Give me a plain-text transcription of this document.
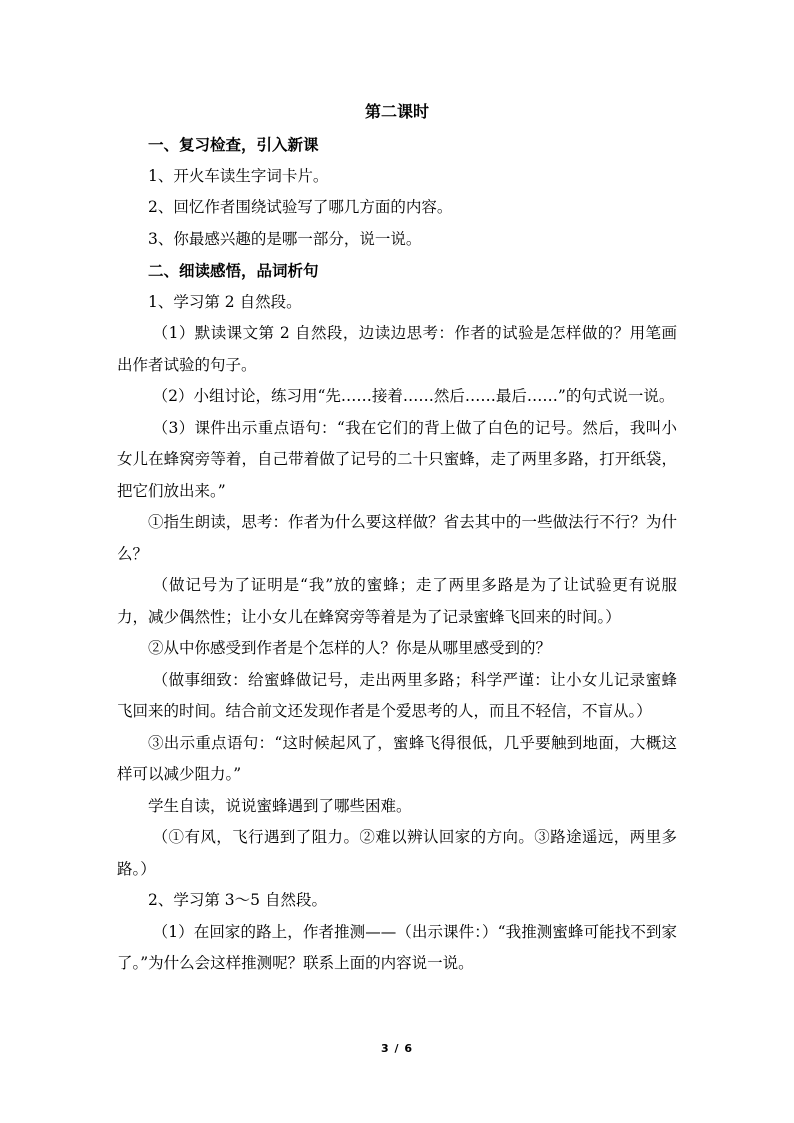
第二课时

一、复习检查，引入新课

1、开火车读生字词卡片。

2、回忆作者围绕试验写了哪几方面的内容。

3、你最感兴趣的是哪一部分，说一说。

二、细读感悟，品词析句

1、学习第 2 自然段。

（1）默读课文第 2 自然段，边读边思考：作者的试验是怎样做的？用笔画出作者试验的句子。

（2）小组讨论，练习用“先……接着……然后……最后……”的句式说一说。

（3）课件出示重点语句：“我在它们的背上做了白色的记号。然后，我叫小女儿在蜂窝旁等着，自己带着做了记号的二十只蜜蜂，走了两里多路，打开纸袋，把它们放出来。”

①指生朗读，思考：作者为什么要这样做？省去其中的一些做法行不行？为什么？

（做记号为了证明是“我”放的蜜蜂；走了两里多路是为了让试验更有说服力，减少偶然性；让小女儿在蜂窝旁等着是为了记录蜜蜂飞回来的时间。）

②从中你感受到作者是个怎样的人？你是从哪里感受到的？

（做事细致：给蜜蜂做记号，走出两里多路；科学严谨：让小女儿记录蜜蜂飞回来的时间。结合前文还发现作者是个爱思考的人，而且不轻信，不盲从。）

③出示重点语句：“这时候起风了，蜜蜂飞得很低，几乎要触到地面，大概这样可以减少阻力。”

学生自读，说说蜜蜂遇到了哪些困难。

（①有风，飞行遇到了阻力。②难以辨认回家的方向。③路途遥远，两里多路。）

2、学习第 3～5 自然段。

（1）在回家的路上，作者推测——（出示课件：）“我推测蜜蜂可能找不到家了。”为什么会这样推测呢？联系上面的内容说一说。

3 / 6
